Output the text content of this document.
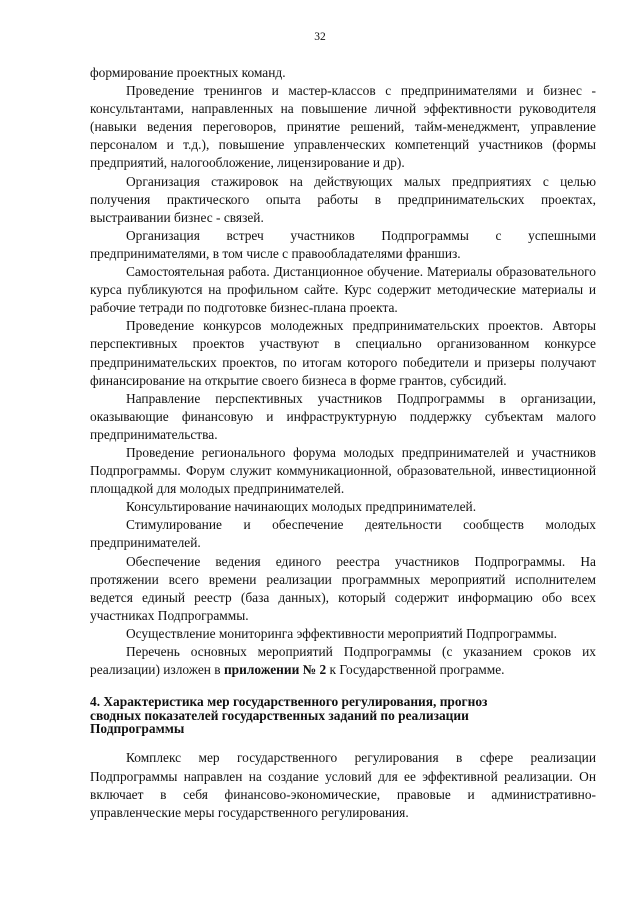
32

формирование проектных команд.

Проведение тренингов и мастер-классов с предпринимателями и бизнес - консультантами, направленных на повышение личной эффективности руководителя (навыки ведения переговоров, принятие решений, тайм-менеджмент, управление персоналом и т.д.), повышение управленческих компетенций участников (формы предприятий, налогообложение, лицензирование и др).

Организация стажировок на действующих малых предприятиях с целью получения практического опыта работы в предпринимательских проектах, выстраивании бизнес - связей.

Организация встреч участников Подпрограммы с успешными предпринимателями, в том числе с правообладателями франшиз.

Самостоятельная работа. Дистанционное обучение. Материалы образовательного курса публикуются на профильном сайте. Курс содержит методические материалы и рабочие тетради по подготовке бизнес-плана проекта.

Проведение конкурсов молодежных предпринимательских проектов. Авторы перспективных проектов участвуют в специально организованном конкурсе предпринимательских проектов, по итогам которого победители и призеры получают финансирование на открытие своего бизнеса в форме грантов, субсидий.

Направление перспективных участников Подпрограммы в организации, оказывающие финансовую и инфраструктурную поддержку субъектам малого предпринимательства.

Проведение регионального форума молодых предпринимателей и участников Подпрограммы. Форум служит коммуникационной, образовательной, инвестиционной площадкой для молодых предпринимателей.

Консультирование начинающих молодых предпринимателей.

Стимулирование и обеспечение деятельности сообществ молодых предпринимателей.

Обеспечение ведения единого реестра участников Подпрограммы. На протяжении всего времени реализации программных мероприятий исполнителем ведется единый реестр (база данных), который содержит информацию обо всех участниках Подпрограммы.

Осуществление мониторинга эффективности мероприятий Подпрограммы.

Перечень основных мероприятий Подпрограммы (с указанием сроков их реализации) изложен в приложении № 2 к Государственной программе.

4. Характеристика мер государственного регулирования, прогноз
сводных показателей государственных заданий по реализации
Подпрограммы

Комплекс мер государственного регулирования в сфере реализации Подпрограммы направлен на создание условий для ее эффективной реализации. Он включает в себя финансово-экономические, правовые и административно-управленческие меры государственного регулирования.
